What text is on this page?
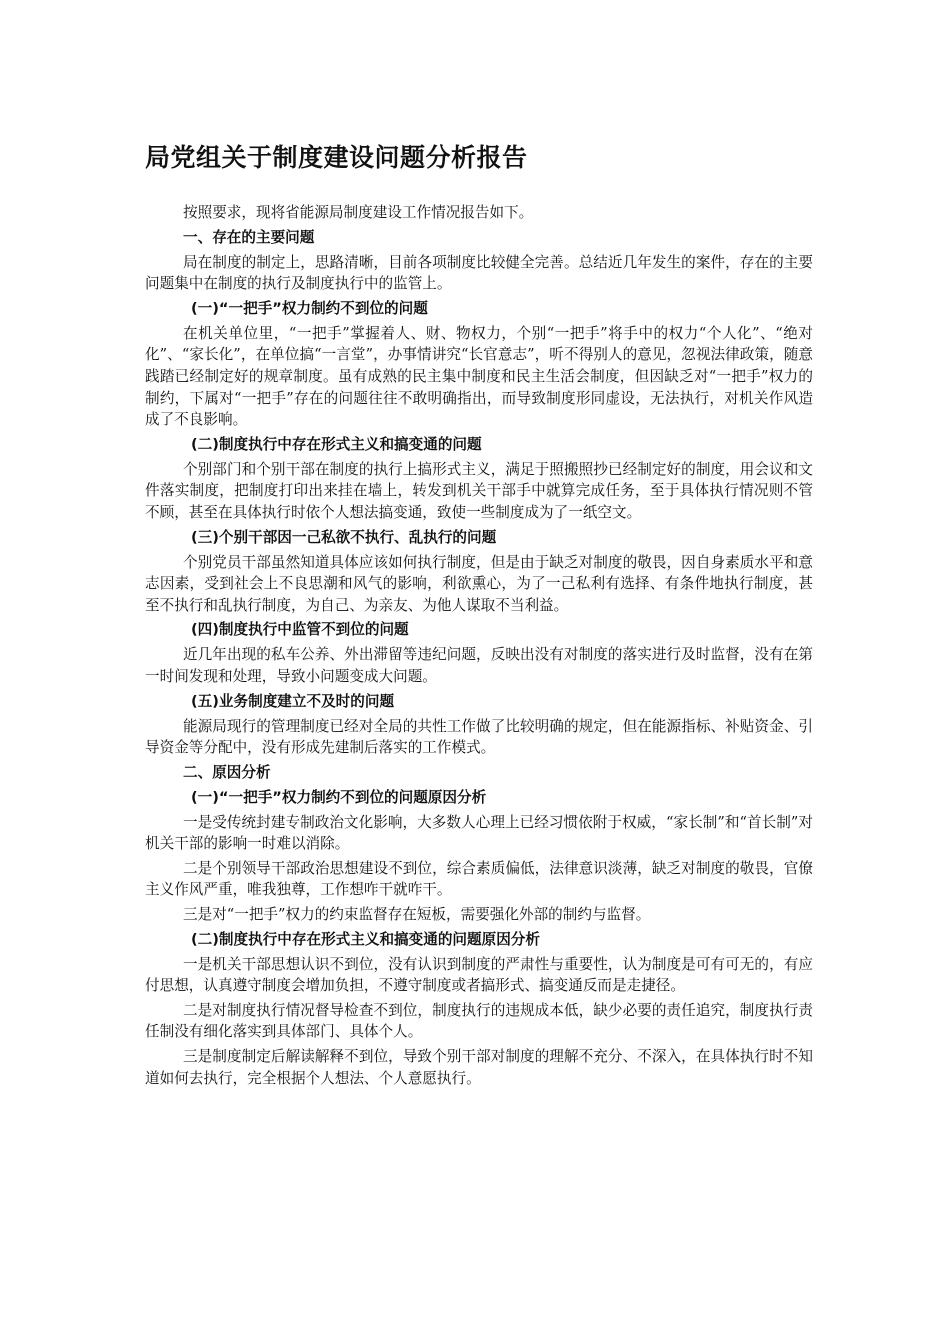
局党组关于制度建设问题分析报告

按照要求，现将省能源局制度建设工作情况报告如下。

一、存在的主要问题

局在制度的制定上，思路清晰，目前各项制度比较健全完善。总结近几年发生的案件，存在的主要问题集中在制度的执行及制度执行中的监管上。

(一)“一把手”权力制约不到位的问题

在机关单位里，“一把手”掌握着人、财、物权力，个别“一把手”将手中的权力“个人化”、“绝对化”、“家长化”，在单位搞“一言堂”，办事情讲究“长官意志”，听不得别人的意见，忽视法律政策，随意践踏已经制定好的规章制度。虽有成熟的民主集中制度和民主生活会制度，但因缺乏对“一把手”权力的制约，下属对“一把手”存在的问题往往不敢明确指出，而导致制度形同虚设，无法执行，对机关作风造成了不良影响。

(二)制度执行中存在形式主义和搞变通的问题

个别部门和个别干部在制度的执行上搞形式主义，满足于照搬照抄已经制定好的制度，用会议和文件落实制度，把制度打印出来挂在墙上，转发到机关干部手中就算完成任务，至于具体执行情况则不管不顾，甚至在具体执行时依个人想法搞变通，致使一些制度成为了一纸空文。

(三)个别干部因一己私欲不执行、乱执行的问题

个别党员干部虽然知道具体应该如何执行制度，但是由于缺乏对制度的敬畏，因自身素质水平和意志因素，受到社会上不良思潮和风气的影响，利欲熏心，为了一己私利有选择、有条件地执行制度，甚至不执行和乱执行制度，为自己、为亲友、为他人谋取不当利益。

(四)制度执行中监管不到位的问题

近几年出现的私车公养、外出滞留等违纪问题，反映出没有对制度的落实进行及时监督，没有在第一时间发现和处理，导致小问题变成大问题。

(五)业务制度建立不及时的问题

能源局现行的管理制度已经对全局的共性工作做了比较明确的规定，但在能源指标、补贴资金、引导资金等分配中，没有形成先建制后落实的工作模式。

二、原因分析

(一)“一把手”权力制约不到位的问题原因分析

一是受传统封建专制政治文化影响，大多数人心理上已经习惯依附于权威，“家长制”和“首长制”对机关干部的影响一时难以消除。

二是个别领导干部政治思想建设不到位，综合素质偏低，法律意识淡薄，缺乏对制度的敬畏，官僚主义作风严重，唯我独尊，工作想咋干就咋干。

三是对“一把手”权力的约束监督存在短板，需要强化外部的制约与监督。

(二)制度执行中存在形式主义和搞变通的问题原因分析

一是机关干部思想认识不到位，没有认识到制度的严肃性与重要性，认为制度是可有可无的，有应付思想，认真遵守制度会增加负担，不遵守制度或者搞形式、搞变通反而是走捷径。

二是对制度执行情况督导检查不到位，制度执行的违规成本低，缺少必要的责任追究，制度执行责任制没有细化落实到具体部门、具体个人。

三是制度制定后解读解释不到位，导致个别干部对制度的理解不充分、不深入，在具体执行时不知道如何去执行，完全根据个人想法、个人意愿执行。
